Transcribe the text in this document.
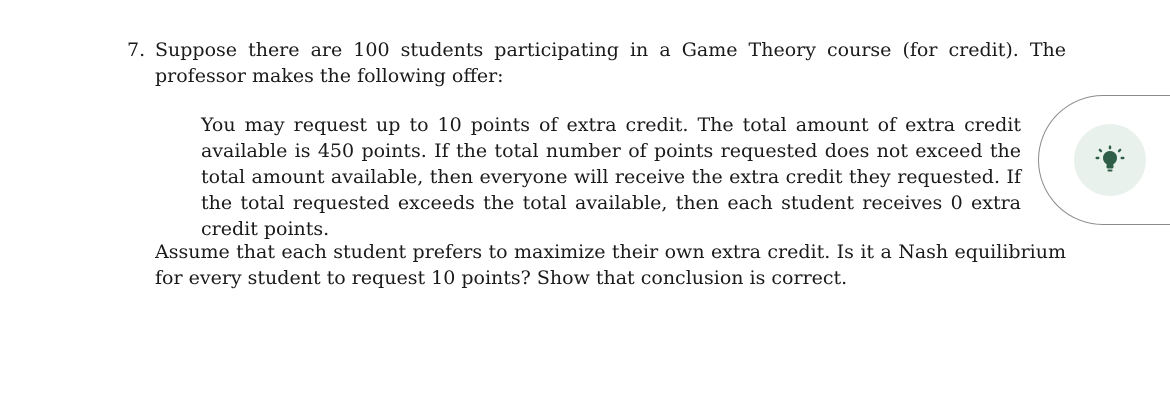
7. Suppose there are 100 students participating in a Game Theory course (for credit). The professor makes the following offer:

You may request up to 10 points of extra credit. The total amount of extra credit available is 450 points. If the total number of points requested does not exceed the total amount available, then everyone will receive the extra credit they requested. If the total requested exceeds the total available, then each student receives 0 extra credit points.

Assume that each student prefers to maximize their own extra credit. Is it a Nash equilibrium for every student to request 10 points? Show that conclusion is correct.
